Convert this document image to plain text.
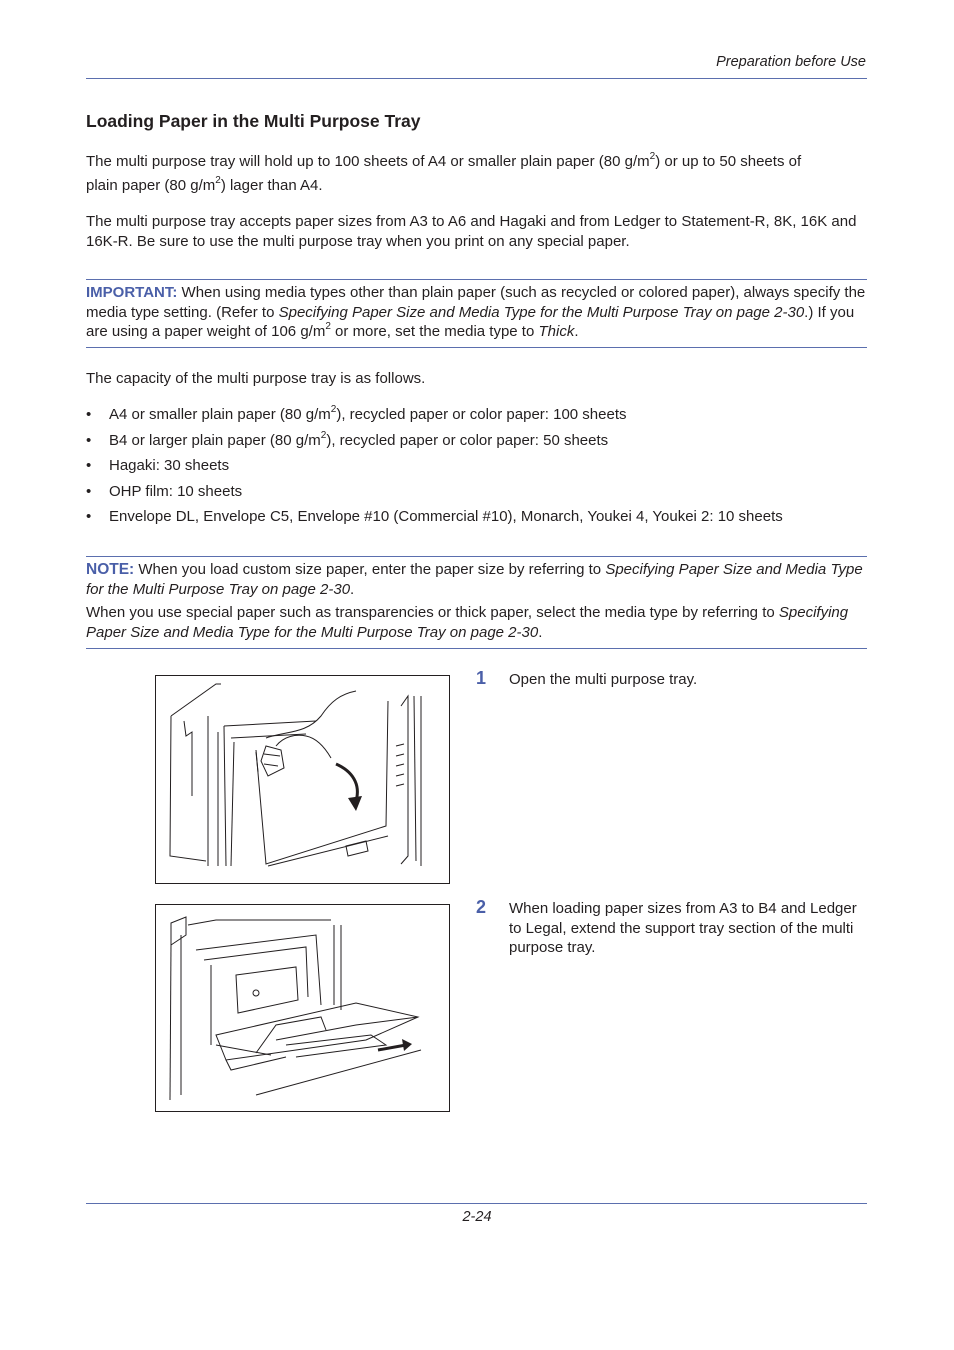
Preparation before Use
Loading Paper in the Multi Purpose Tray
The multi purpose tray will hold up to 100 sheets of A4 or smaller plain paper (80 $g/m^2$) or up to 50 sheets of
plain paper (80 $g/m^2$) lager than A4.
The multi purpose tray accepts paper sizes from A3 to A6 and Hagaki and from Ledger to Statement-R, 8K, 16K and 16K-R. Be sure to use the multi purpose tray when you print on any special paper.
IMPORTANT: When using media types other than plain paper (such as recycled or colored paper), always specify the media type setting. (Refer to Specifying Paper Size and Media Type for the Multi Purpose Tray on page 2-30.) If you are using a paper weight of 106 $g/m^2$ or more, set the media type to Thick.
The capacity of the multi purpose tray is as follows.
• A4 or smaller plain paper (80 $g/m^2$), recycled paper or color paper: 100 sheets
• B4 or larger plain paper (80 $g/m^2$), recycled paper or color paper: 50 sheets
• Hagaki: 30 sheets
• OHP film: 10 sheets
• Envelope DL, Envelope C5, Envelope #10 (Commercial #10), Monarch, Youkei 4, Youkei 2: 10 sheets
NOTE: When you load custom size paper, enter the paper size by referring to Specifying Paper Size and Media Type for the Multi Purpose Tray on page 2-30.
When you use special paper such as transparencies or thick paper, select the media type by referring to Specifying Paper Size and Media Type for the Multi Purpose Tray on page 2-30.
1 Open the multi purpose tray.
2 When loading paper sizes from A3 to B4 and Ledger to Legal, extend the support tray section of the multi purpose tray.
2-24
